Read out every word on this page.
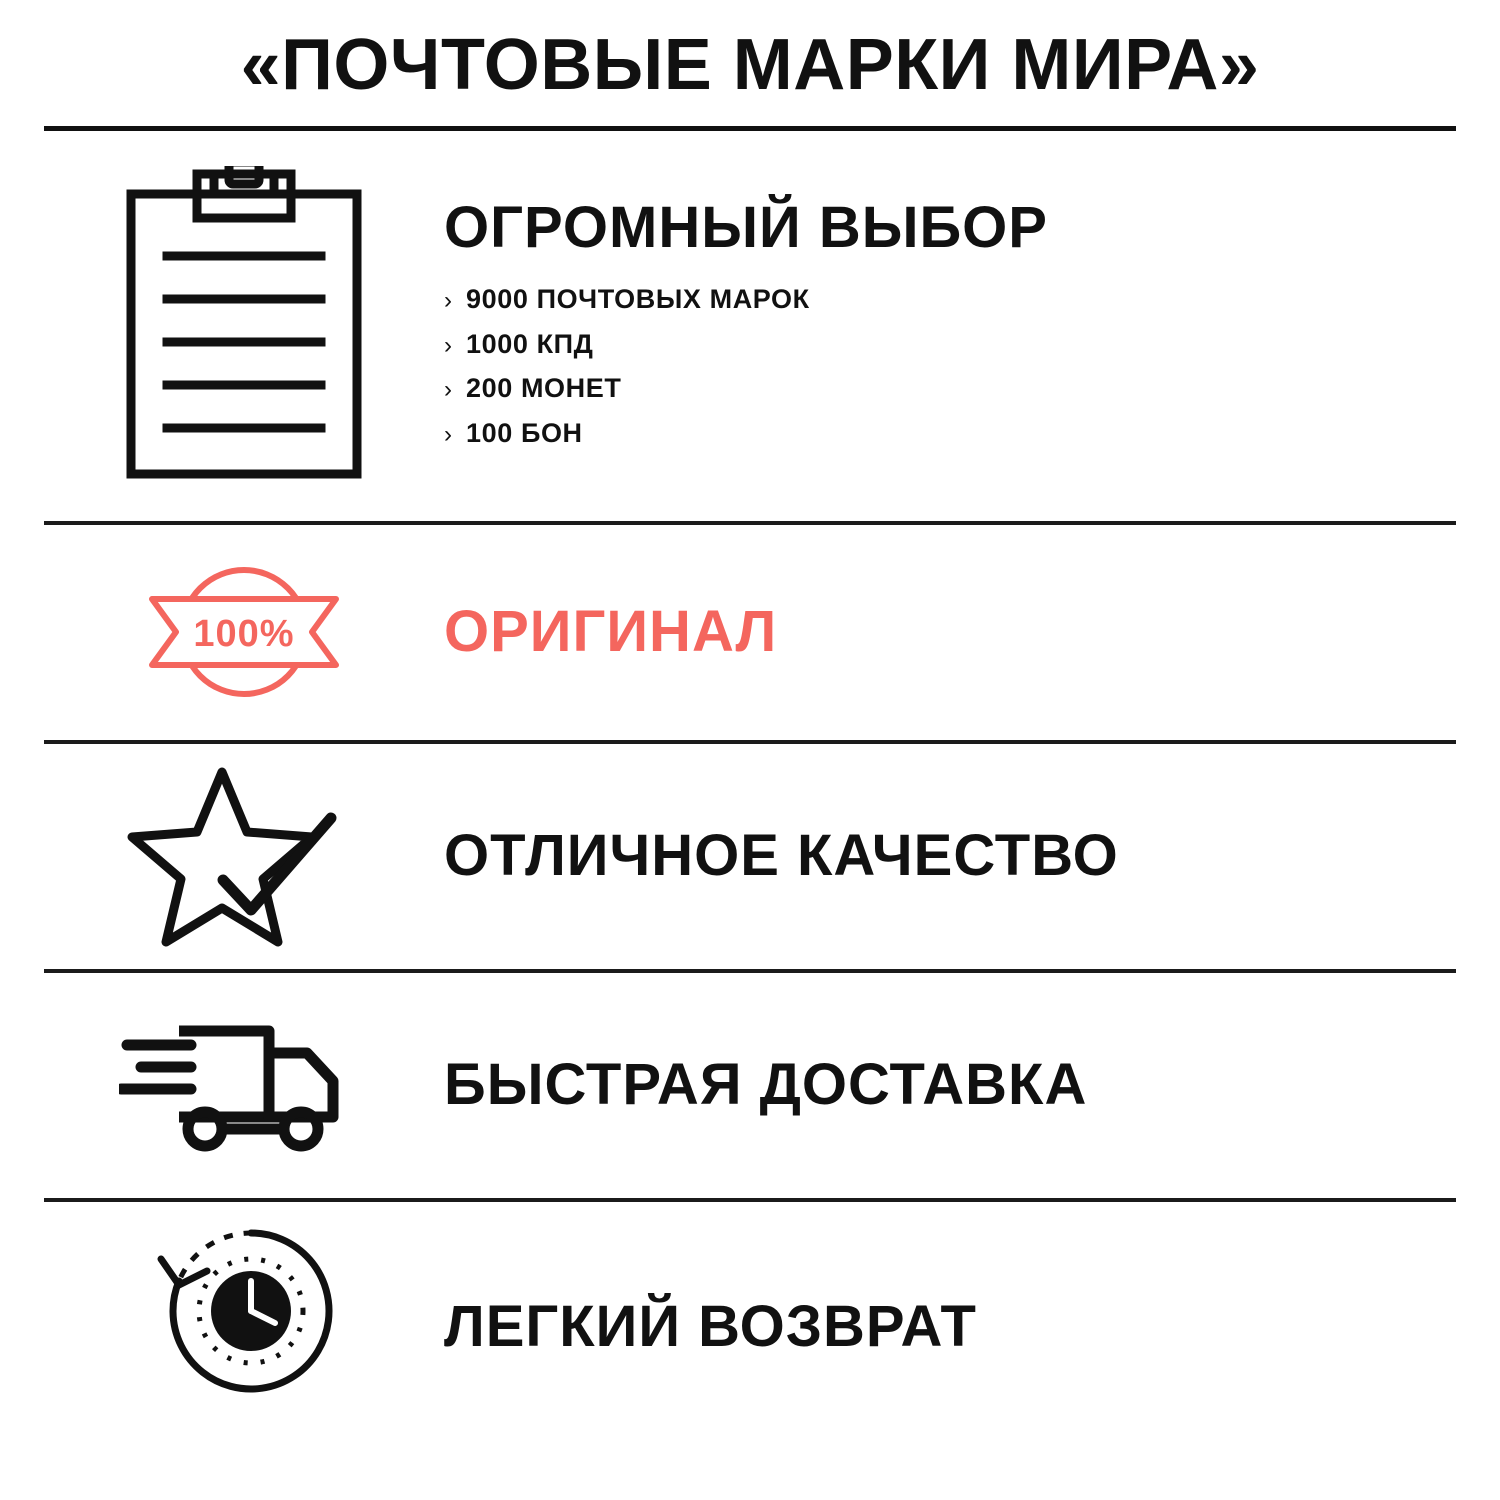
«ПОЧТОВЫЕ МАРКИ МИРА»
ОГРОМНЫЙ ВЫБОР
› 9000 ПОЧТОВЫХ МАРОК
› 1000 КПД
› 200 МОНЕТ
› 100 БОН
100%	ОРИГИНАЛ
ОТЛИЧНОЕ КАЧЕСТВО
БЫСТРАЯ ДОСТАВКА
ЛЕГКИЙ ВОЗВРАТ
